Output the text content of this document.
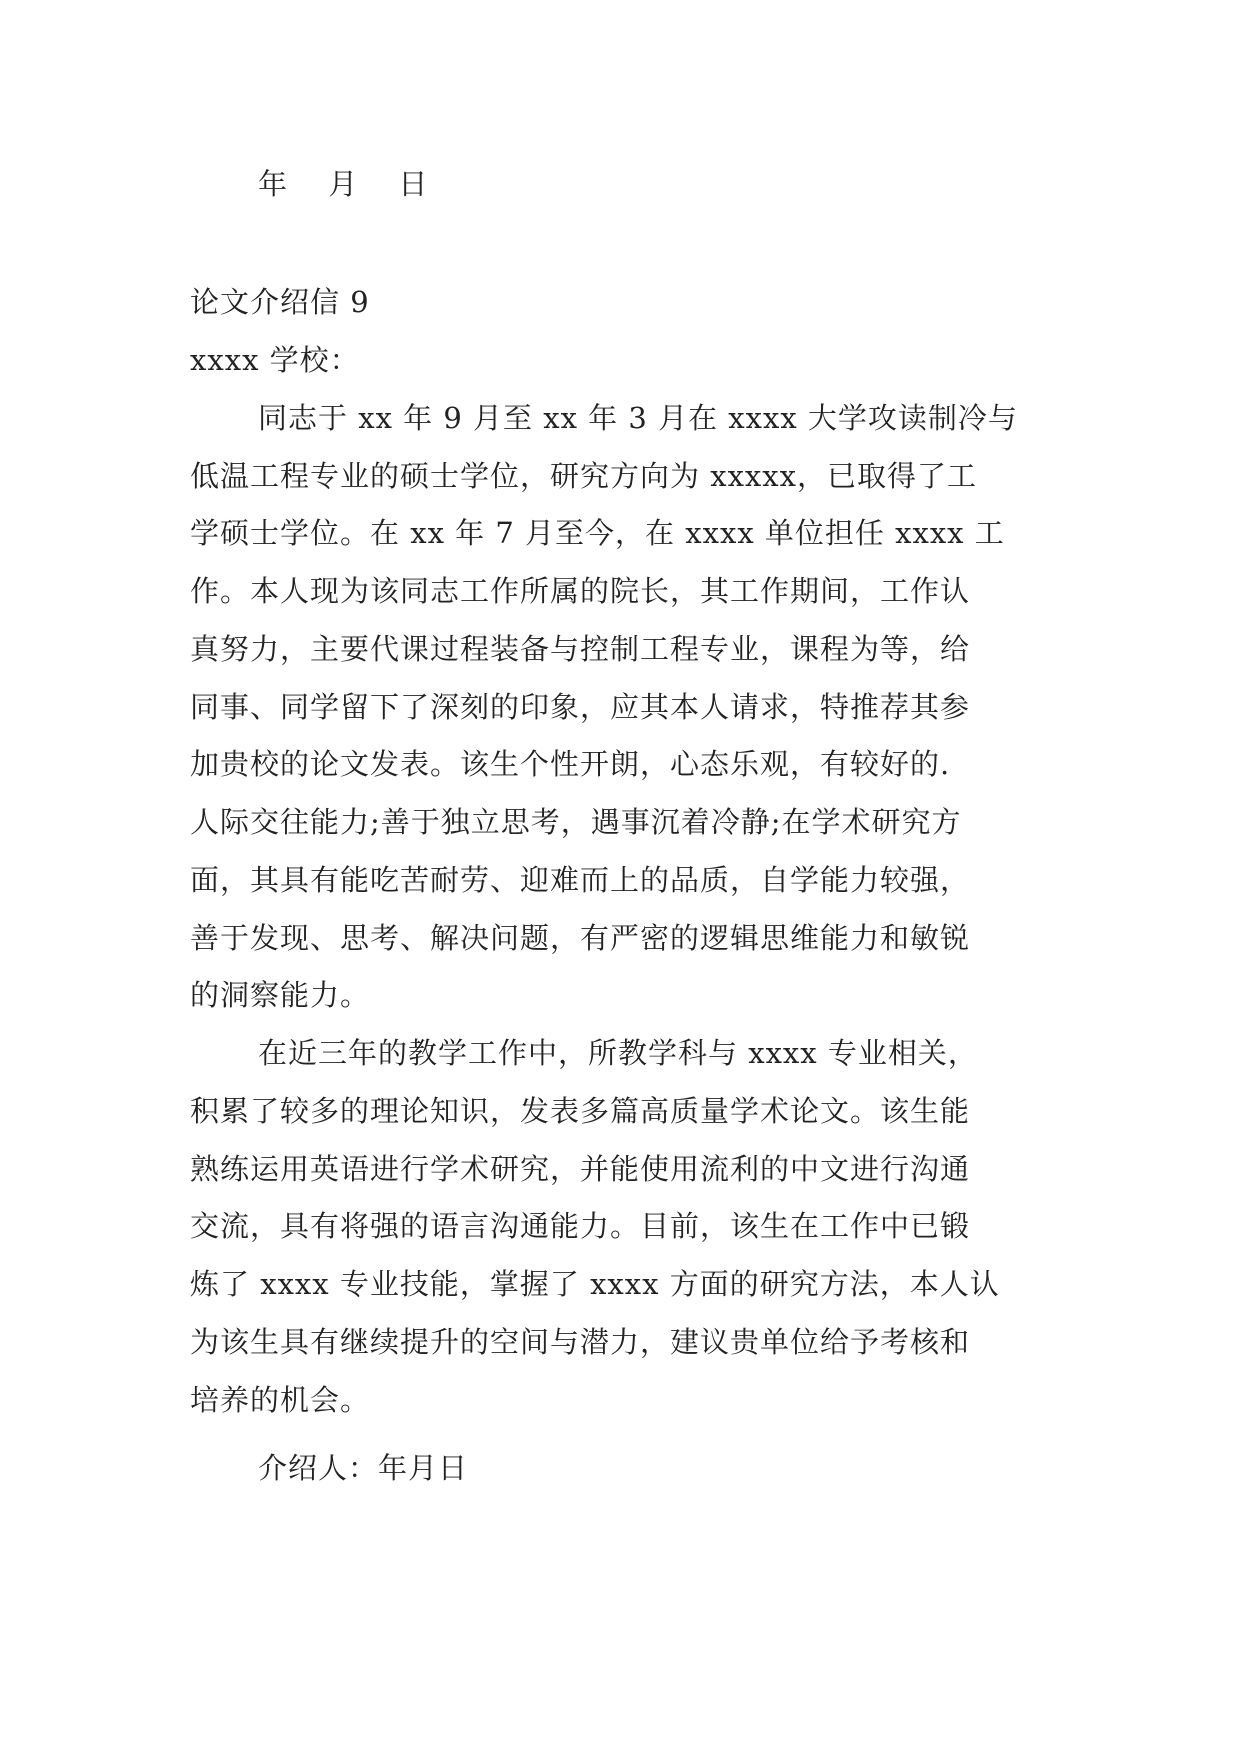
年 月 日
论文介绍信 9
xxxx 学校：
同志于 xx 年 9 月至 xx 年 3 月在 xxxx 大学攻读制冷与
低温工程专业的硕士学位，研究方向为 xxxxx，已取得了工
学硕士学位。在 xx 年 7 月至今，在 xxxx 单位担任 xxxx 工
作。本人现为该同志工作所属的院长，其工作期间，工作认
真努力，主要代课过程装备与控制工程专业，课程为等，给
同事、同学留下了深刻的印象，应其本人请求，特推荐其参
加贵校的论文发表。该生个性开朗，心态乐观，有较好的.
人际交往能力;善于独立思考，遇事沉着冷静;在学术研究方
面，其具有能吃苦耐劳、迎难而上的品质，自学能力较强，
善于发现、思考、解决问题，有严密的逻辑思维能力和敏锐
的洞察能力。
在近三年的教学工作中，所教学科与 xxxx 专业相关，
积累了较多的理论知识，发表多篇高质量学术论文。该生能
熟练运用英语进行学术研究，并能使用流利的中文进行沟通
交流，具有将强的语言沟通能力。目前，该生在工作中已锻
炼了 xxxx 专业技能，掌握了 xxxx 方面的研究方法，本人认
为该生具有继续提升的空间与潜力，建议贵单位给予考核和
培养的机会。
介绍人：年月日
